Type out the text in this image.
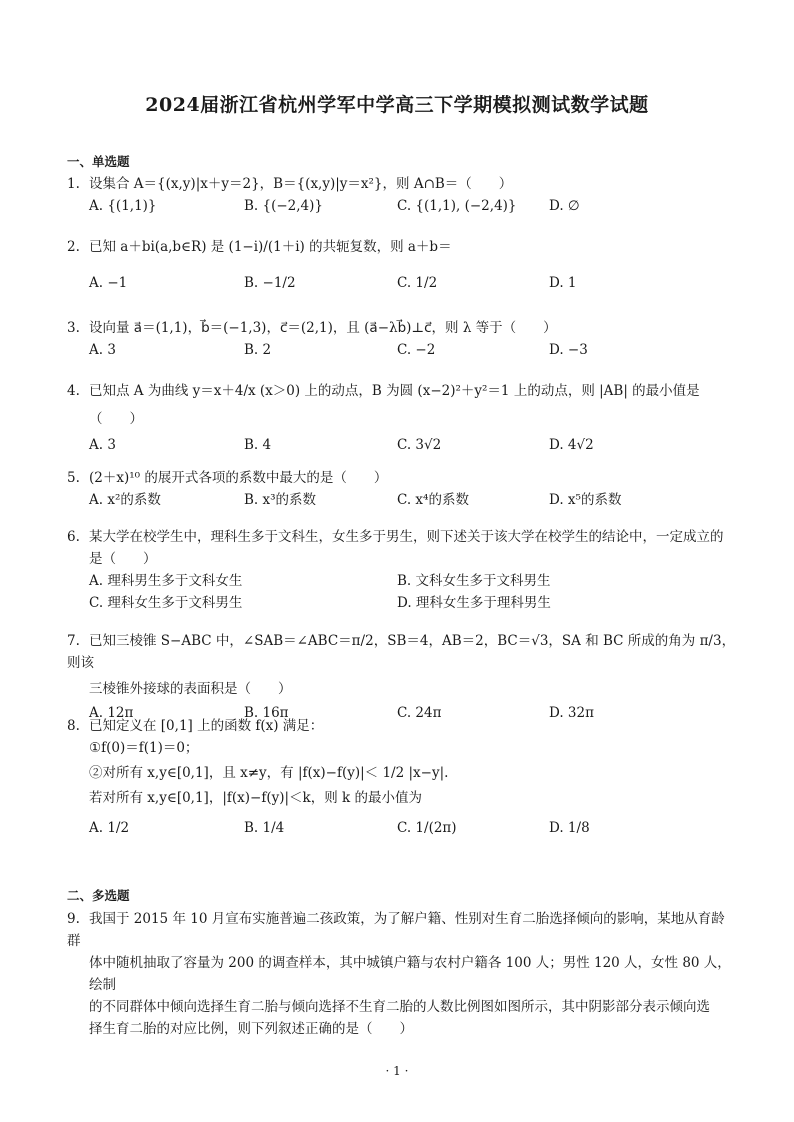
2024届浙江省杭州学军中学高三下学期模拟测试数学试题
一、单选题
1. 设集合 A＝{(x,y)|x＋y＝2}，B＝{(x,y)|y＝x²}，则 A∩B＝（　　）
A. {(1,1)}	B. {(−2,4)}	C. {(1,1), (−2,4)} D. ∅
2. 已知 a＋bi(a,b∈R) 是 (1−i)/(1＋i) 的共轭复数，则 a＋b＝
A. −1	B. −1/2	C. 1/2	D. 1
3. 设向量 a⃗＝(1,1)，b⃗＝(−1,3)，c⃗＝(2,1)，且 (a⃗−λb⃗)⊥c⃗，则 λ 等于（　　）
A. 3	B. 2	C. −2	D. −3
4. 已知点 A 为曲线 y＝x＋4/x (x＞0) 上的动点，B 为圆 (x−2)²＋y²＝1 上的动点，则 |AB| 的最小值是
（　　）
A. 3	B. 4	C. 3√2	D. 4√2
5. (2＋x)¹⁰ 的展开式各项的系数中最大的是（　　）
A. x²的系数	B. x³的系数	C. x⁴的系数	D. x⁵的系数
6. 某大学在校学生中，理科生多于文科生，女生多于男生，则下述关于该大学在校学生的结论中，一定成立的
是（　　）
A. 理科男生多于文科女生	B. 文科女生多于文科男生
C. 理科女生多于文科男生	D. 理科女生多于理科男生
7. 已知三棱锥 S−ABC 中，∠SAB＝∠ABC＝π/2，SB＝4，AB＝2，BC＝√3，SA 和 BC 所成的角为 π/3，则该
三棱锥外接球的表面积是（　　）
A. 12π	B. 16π	C. 24π	D. 32π
8. 已知定义在 [0,1] 上的函数 f(x) 满足：
①f(0)＝f(1)＝0；
②对所有 x,y∈[0,1]，且 x≠y，有 |f(x)−f(y)|＜ 1/2 |x−y|.
若对所有 x,y∈[0,1]，|f(x)−f(y)|＜k，则 k 的最小值为
A. 1/2	B. 1/4	C. 1/(2π)	D. 1/8
二、多选题
9. 我国于 2015 年 10 月宣布实施普遍二孩政策，为了解户籍、性别对生育二胎选择倾向的影响，某地从育龄群
体中随机抽取了容量为 200 的调查样本，其中城镇户籍与农村户籍各 100 人；男性 120 人，女性 80 人，绘制
的不同群体中倾向选择生育二胎与倾向选择不生育二胎的人数比例图如图所示，其中阴影部分表示倾向选
择生育二胎的对应比例，则下列叙述正确的是（　　）
· 1 ·
